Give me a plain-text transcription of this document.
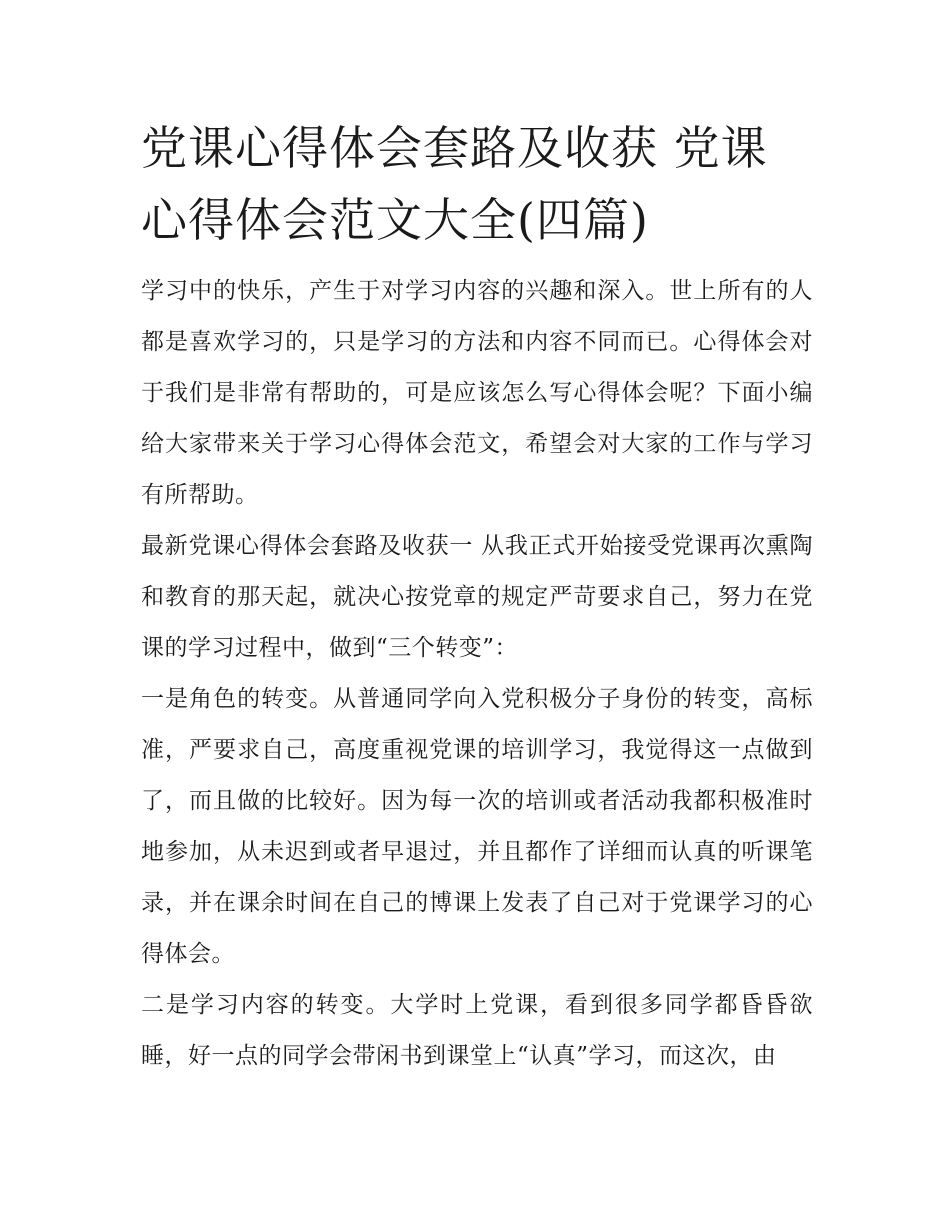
党课心得体会套路及收获 党课心得体会范文大全(四篇)

学习中的快乐，产生于对学习内容的兴趣和深入。世上所有的人都是喜欢学习的，只是学习的方法和内容不同而已。心得体会对于我们是非常有帮助的，可是应该怎么写心得体会呢？下面小编给大家带来关于学习心得体会范文，希望会对大家的工作与学习有所帮助。

最新党课心得体会套路及收获一 从我正式开始接受党课再次熏陶和教育的那天起，就决心按党章的规定严苛要求自己，努力在党课的学习过程中，做到“三个转变”：

一是角色的转变。从普通同学向入党积极分子身份的转变，高标准，严要求自己，高度重视党课的培训学习，我觉得这一点做到了，而且做的比较好。因为每一次的培训或者活动我都积极准时地参加，从未迟到或者早退过，并且都作了详细而认真的听课笔录，并在课余时间在自己的博课上发表了自己对于党课学习的心得体会。

二是学习内容的转变。大学时上党课，看到很多同学都昏昏欲睡，好一点的同学会带闲书到课堂上“认真”学习，而这次，由
